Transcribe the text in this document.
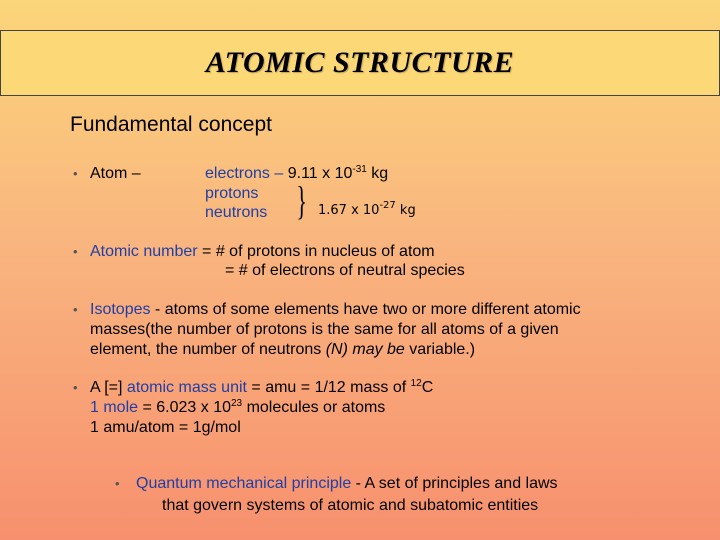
ATOMIC STRUCTURE
Fundamental concept
• Atom –	electrons – 9.11 x $10^{-31}$ kg
protons
neutrons } 1.67 x $10^{-27}$ kg
• Atomic number = # of protons in nucleus of atom
= # of electrons of neutral species
• Isotopes - atoms of some elements have two or more different atomic
masses(the number of protons is the same for all atoms of a given
element, the number of neutrons (N) may be variable.)
• A [=] atomic mass unit = amu = 1/12 mass of $^{12}$C
1 mole = 6.023 x $10^{23}$ molecules or atoms
1 amu/atom = 1g/mol
• Quantum mechanical principle - A set of principles and laws
that govern systems of atomic and subatomic entities
